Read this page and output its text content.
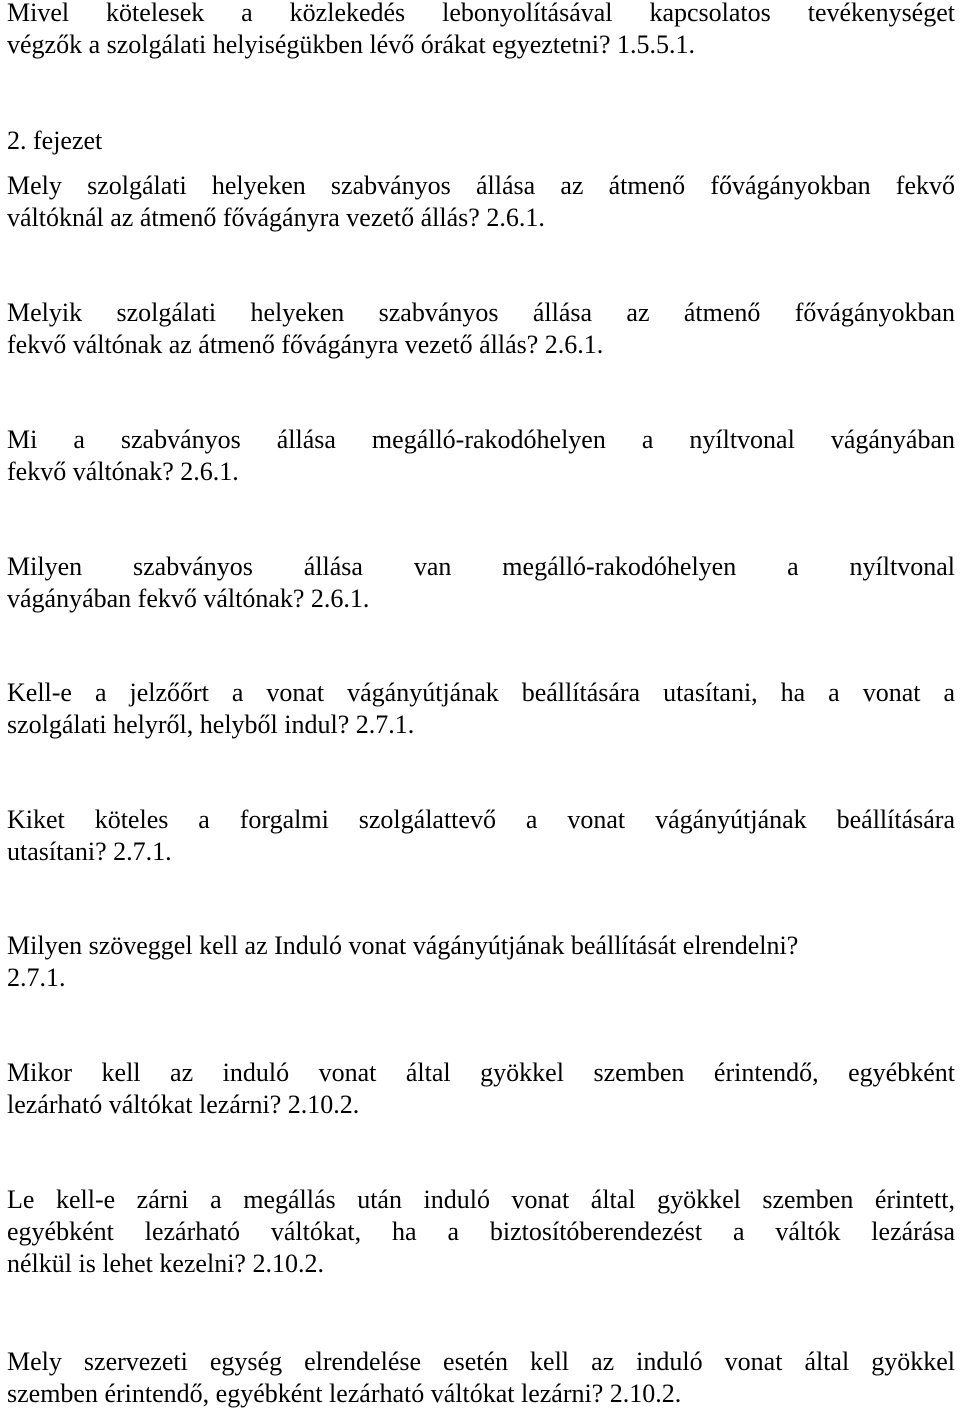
Mivel kötelesek a közlekedés lebonyolításával kapcsolatos tevékenységet
végzők a szolgálati helyiségükben lévő órákat egyeztetni? 1.5.5.1.

2. fejezet

Mely szolgálati helyeken szabványos állása az átmenő fővágányokban fekvő
váltóknál az átmenő fővágányra vezető állás? 2.6.1.

Melyik szolgálati helyeken szabványos állása az átmenő fővágányokban
fekvő váltónak az átmenő fővágányra vezető állás? 2.6.1.

Mi a szabványos állása megálló-rakodóhelyen a nyíltvonal vágányában
fekvő váltónak? 2.6.1.

Milyen szabványos állása van megálló-rakodóhelyen a nyíltvonal
vágányában fekvő váltónak? 2.6.1.

Kell-e a jelzőőrt a vonat vágányútjának beállítására utasítani, ha a vonat a
szolgálati helyről, helyből indul? 2.7.1.

Kiket köteles a forgalmi szolgálattevő a vonat vágányútjának beállítására
utasítani? 2.7.1.

Milyen szöveggel kell az Induló vonat vágányútjának beállítását elrendelni?
2.7.1.

Mikor kell az induló vonat által gyökkel szemben érintendő, egyébként
lezárható váltókat lezárni? 2.10.2.

Le kell-e zárni a megállás után induló vonat által gyökkel szemben érintett,
egyébként lezárható váltókat, ha a biztosítóberendezést a váltók lezárása
nélkül is lehet kezelni? 2.10.2.

Mely szervezeti egység elrendelése esetén kell az induló vonat által gyökkel
szemben érintendő, egyébként lezárható váltókat lezárni? 2.10.2.
